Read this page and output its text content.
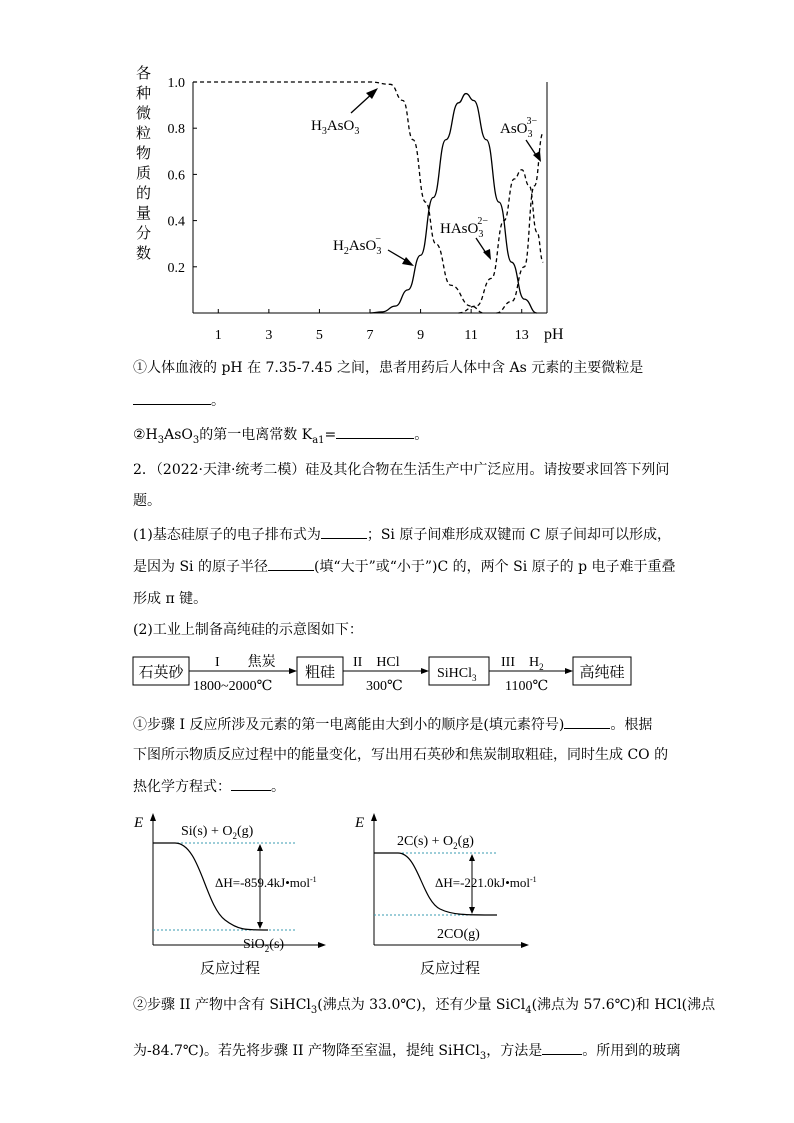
各种微粒物质的量分数
0.2
0.4
0.6
0.8
1.0
1	3	5	7	9	11	13 pH
$H_3AsO_3$
$H_2AsO_3-$
HAsO$_3$2−
AsO$_3$3−
①人体血液的 pH 在 7.35-7.45 之间，患者用药后人体中含 As 元素的主要微粒是
。
$②H_3AsO_3$的第一电离常数 $K_{a1}=$	。
2．（2022·天津·统考二模）硅及其化合物在生活生产中广泛应用。请按要求回答下列问
题。
(1)基态硅原子的电子排布式为	；Si 原子间难形成双键而 C 原子间却可以形成，
是因为 Si 的原子半径	(填“大于”或“小于”)C 的，两个 Si 原子的 p 电子难于重叠
形成 π 键。
(2)工业上制备高纯硅的示意图如下：
石英砂
I　　焦炭
1800~2000℃
粗硅
II　HCl
300℃
SiHCl$_3$
III　$H_2$
1100℃
高纯硅
①步骤 I 反应所涉及元素的第一电离能由大到小的顺序是(填元素符号)	。根据
下图所示物质反应过程中的能量变化，写出用石英砂和焦炭制取粗硅，同时生成 CO 的
热化学方程式：	。
E
$Si(s) + O_2(g)$
ΔH=-859.4kJ•mol$^{-1}$
SiO$_2$(s)
反应过程
E
$2C(s) + O_2(g)$
ΔH=-221.0kJ•mol$^{-1}$
2CO(g)
反应过程
②步骤 II 产物中含有 SiHCl$_3$(沸点为 33.0℃)，还有少量 SiCl$_4$(沸点为 57.6℃)和 HCl(沸点
为-84.7℃)。若先将步骤 II 产物降至室温，提纯 SiHCl$_3$，方法是	。所用到的玻璃
